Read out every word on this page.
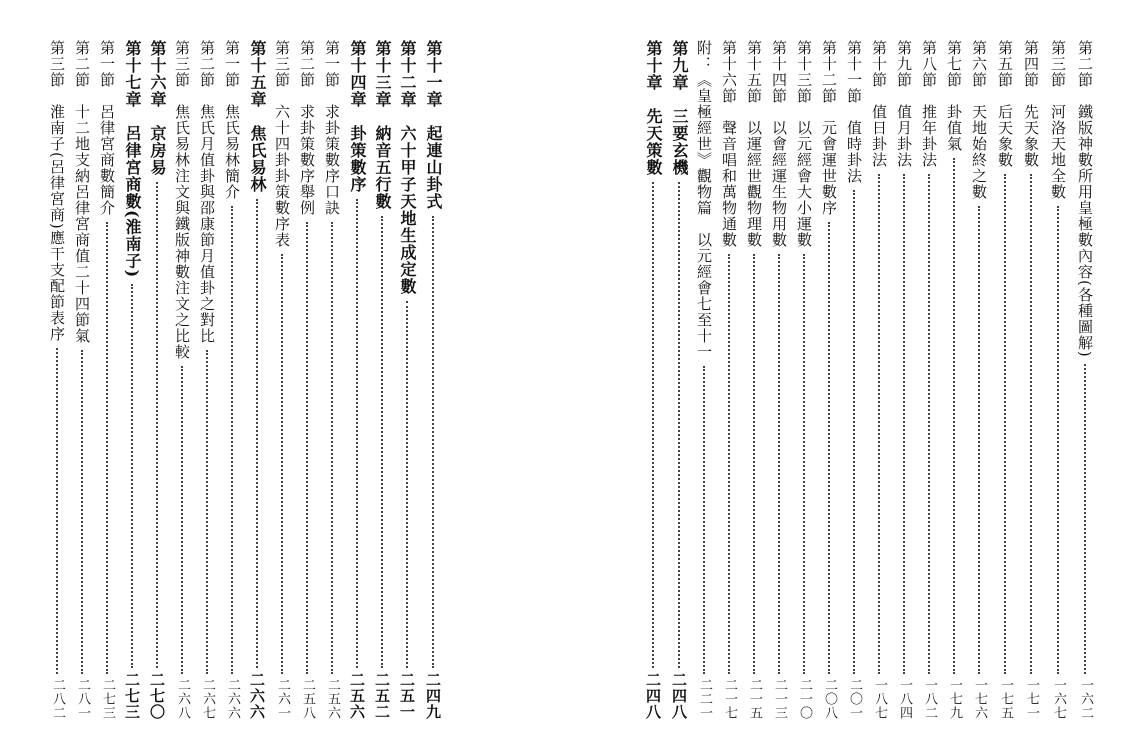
第二節　鐵版神數所用皇極數內容(各種圖解)
一六二
第三節　河洛天地全數
一六七
第四節　先天象數
一七一
第五節　后天象數
一七五
第六節　天地始終之數
一七六
第七節　卦值氣
一七九
第八節　推年卦法
一八二
第九節　值月卦法
一八四
第十節　值日卦法
一八七
第十一節　值時卦法
二〇一
第十二節　元會運世數序
二〇八
第十三節　以元經會大小運數
二一〇
第十四節　以會經運生物用數
二一三
第十五節　以運經世觀物理數
二一五
第十六節　聲音唱和萬物通數
二一七
附：《皇極經世》觀物篇　以元經會七至十一
二二一
第九章　三要玄機
二四八
第十章　先天策數
二四八
第十一章　起連山卦式
二四九
第十二章　六十甲子天地生成定數
二五一
第十三章　納音五行數
二五二
第十四章　卦策數序
二五六
第一節　求卦策數序口訣
二五六
第二節　求卦策數序舉例
二五八
第三節　六十四卦卦策數序表
二六一
第十五章　焦氏易林
二六六
第一節　焦氏易林簡介
二六六
第二節　焦氏月值卦與邵康節月值卦之對比
二六七
第三節　焦氏易林注文與鐵版神數注文之比較
二六八
第十六章　京房易
二七〇
第十七章　呂律宮商數(淮南子)
二七三
第一節　呂律宮商數簡介
二七三
第二節　十二地支納呂律宮商值二十四節氣
二八一
第三節　淮南子(呂律宮商)應干支配節表序
二八二
